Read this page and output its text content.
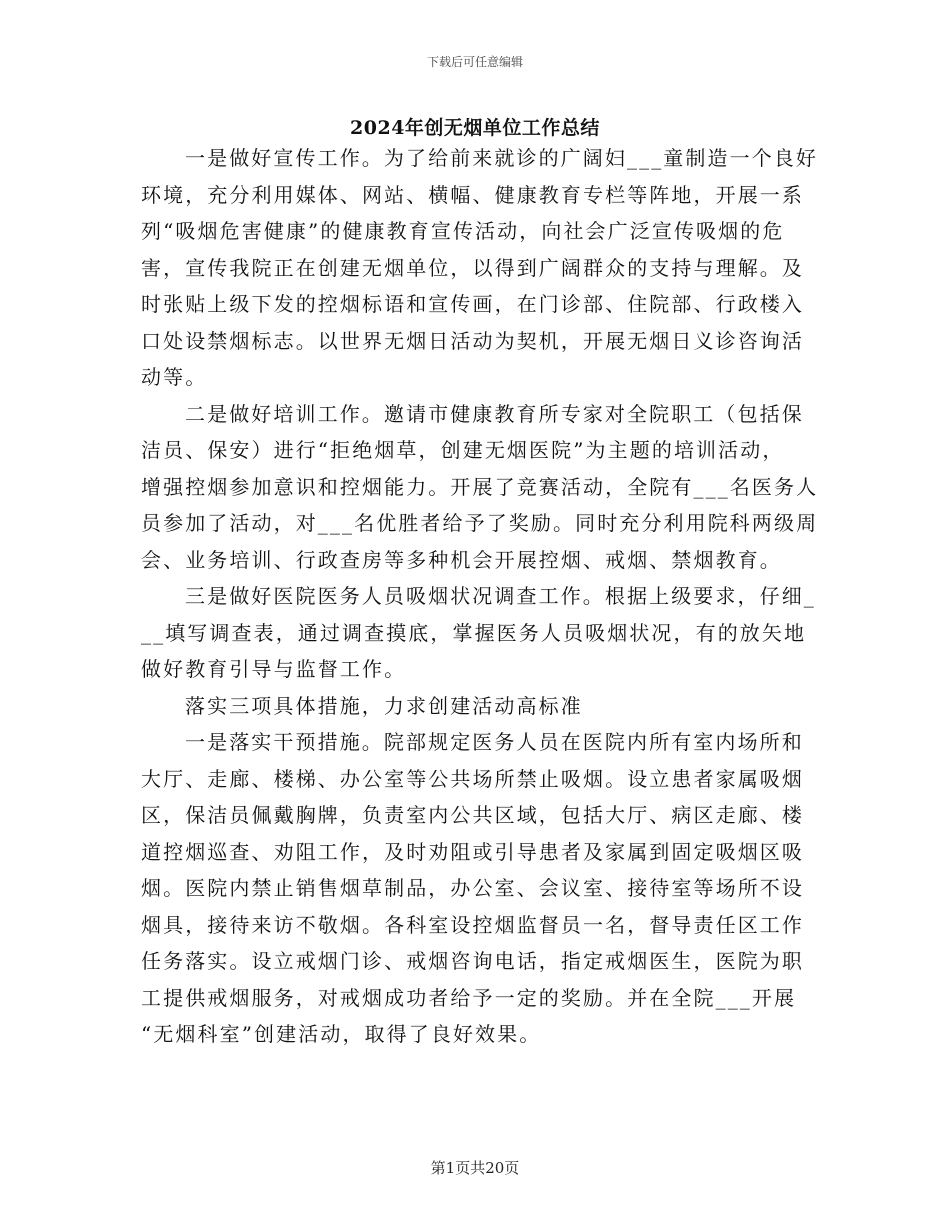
下载后可任意编辑
2024年创无烟单位工作总结
一是做好宣传工作。为了给前来就诊的广阔妇___童制造一个良好
环境，充分利用媒体、网站、横幅、健康教育专栏等阵地，开展一系
列“吸烟危害健康”的健康教育宣传活动，向社会广泛宣传吸烟的危
害，宣传我院正在创建无烟单位，以得到广阔群众的支持与理解。及
时张贴上级下发的控烟标语和宣传画，在门诊部、住院部、行政楼入
口处设禁烟标志。以世界无烟日活动为契机，开展无烟日义诊咨询活
动等。
二是做好培训工作。邀请市健康教育所专家对全院职工（包括保
洁员、保安）进行“拒绝烟草，创建无烟医院”为主题的培训活动，
增强控烟参加意识和控烟能力。开展了竞赛活动，全院有___名医务人
员参加了活动，对___名优胜者给予了奖励。同时充分利用院科两级周
会、业务培训、行政查房等多种机会开展控烟、戒烟、禁烟教育。
三是做好医院医务人员吸烟状况调查工作。根据上级要求，仔细_
__填写调查表，通过调查摸底，掌握医务人员吸烟状况，有的放矢地
做好教育引导与监督工作。
落实三项具体措施，力求创建活动高标准
一是落实干预措施。院部规定医务人员在医院内所有室内场所和
大厅、走廊、楼梯、办公室等公共场所禁止吸烟。设立患者家属吸烟
区，保洁员佩戴胸牌，负责室内公共区域，包括大厅、病区走廊、楼
道控烟巡查、劝阻工作，及时劝阻或引导患者及家属到固定吸烟区吸
烟。医院内禁止销售烟草制品，办公室、会议室、接待室等场所不设
烟具，接待来访不敬烟。各科室设控烟监督员一名，督导责任区工作
任务落实。设立戒烟门诊、戒烟咨询电话，指定戒烟医生，医院为职
工提供戒烟服务，对戒烟成功者给予一定的奖励。并在全院___开展
“无烟科室”创建活动，取得了良好效果。
第1页共20页
